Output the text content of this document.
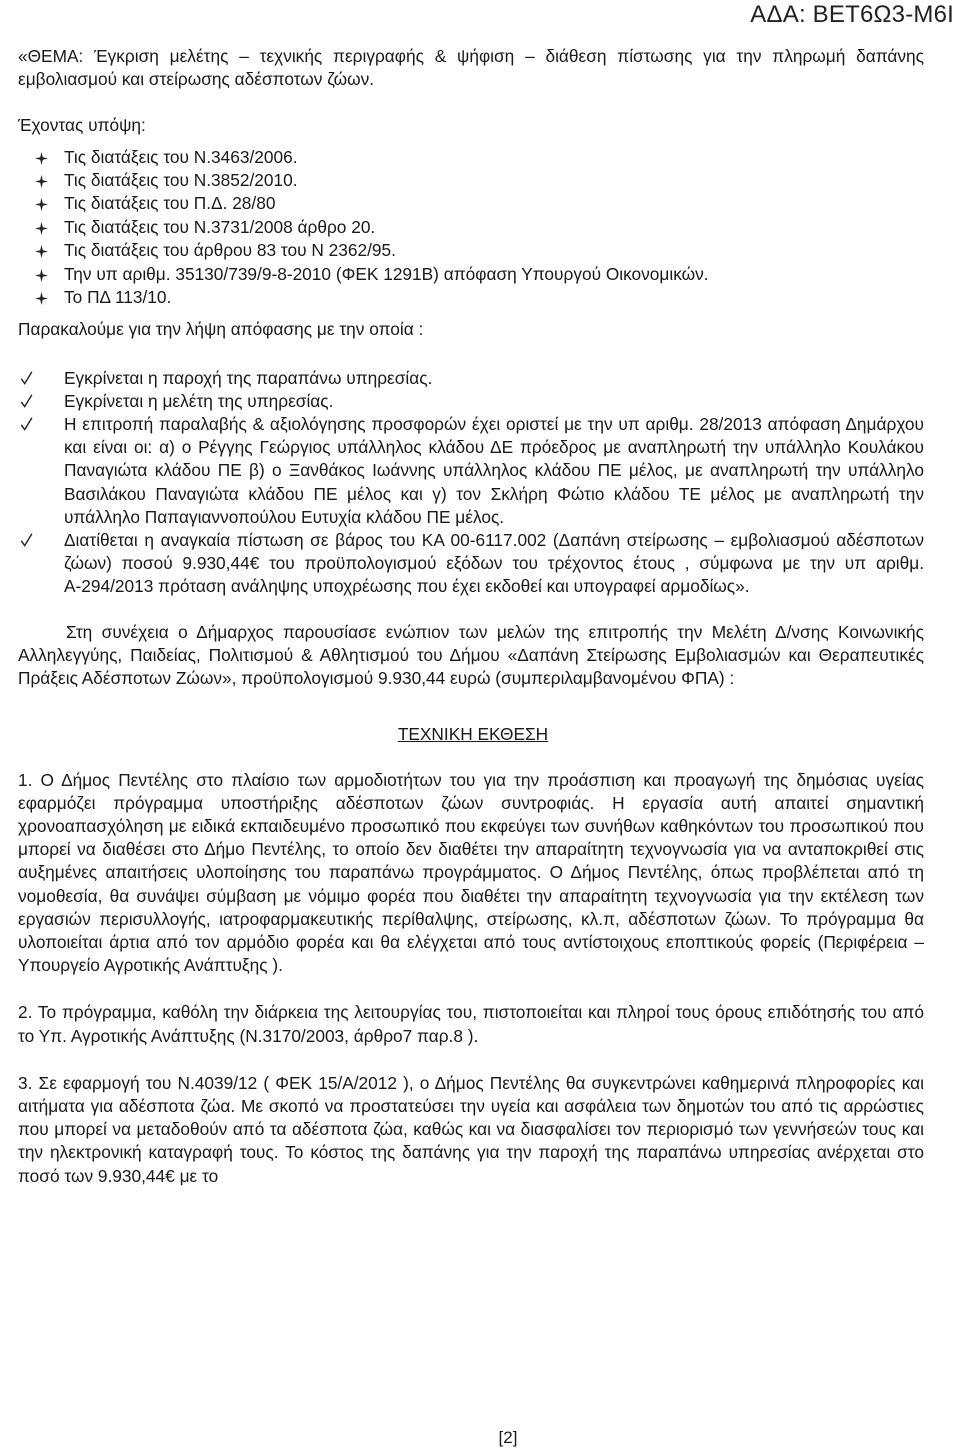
ΑΔΑ: ΒΕΤ6Ω3-Μ6Ι

«ΘΕΜΑ: Έγκριση μελέτης – τεχνικής περιγραφής & ψήφιση – διάθεση πίστωσης για την πληρωμή δαπάνης εμβολιασμού και στείρωσης αδέσποτων ζώων.

Έχοντας υπόψη:

Τις διατάξεις του Ν.3463/2006.
Τις διατάξεις του Ν.3852/2010.
Τις διατάξεις του Π.Δ. 28/80
Τις διατάξεις του Ν.3731/2008 άρθρο 20.
Τις διατάξεις του άρθρου 83 του Ν 2362/95.
Την υπ αριθμ. 35130/739/9-8-2010 (ΦΕΚ 1291Β) απόφαση Υπουργού Οικονομικών.
Το ΠΔ 113/10.

Παρακαλούμε για την λήψη απόφασης με την οποία :

Εγκρίνεται η παροχή της παραπάνω υπηρεσίας.
Εγκρίνεται η μελέτη της υπηρεσίας.
Η επιτροπή παραλαβής & αξιολόγησης προσφορών έχει οριστεί με την υπ αριθμ. 28/2013 απόφαση Δημάρχου και είναι οι: α) ο Ρέγγης Γεώργιος υπάλληλος κλάδου ΔΕ πρόεδρος με αναπληρωτή την υπάλληλο Κουλάκου Παναγιώτα κλάδου ΠΕ β) ο Ξανθάκος Ιωάννης υπάλληλος κλάδου ΠΕ μέλος, με αναπληρωτή την υπάλληλο Βασιλάκου Παναγιώτα κλάδου ΠΕ μέλος και γ) τον Σκλήρη Φώτιο κλάδου ΤΕ μέλος με αναπληρωτή την υπάλληλο Παπαγιαννοπούλου Ευτυχία κλάδου ΠΕ μέλος.
Διατίθεται η αναγκαία πίστωση σε βάρος του ΚΑ 00-6117.002 (Δαπάνη στείρωσης – εμβολιασμού αδέσποτων ζώων) ποσού 9.930,44€ του προϋπολογισμού εξόδων του τρέχοντος έτους , σύμφωνα με την υπ αριθμ. Α-294/2013 πρόταση ανάληψης υποχρέωσης που έχει εκδοθεί και υπογραφεί αρμοδίως».

Στη συνέχεια ο Δήμαρχος παρουσίασε ενώπιον των μελών της επιτροπής την Μελέτη Δ/νσης Κοινωνικής Αλληλεγγύης, Παιδείας, Πολιτισμού & Αθλητισμού του Δήμου «Δαπάνη Στείρωσης Εμβολιασμών και Θεραπευτικές Πράξεις Αδέσποτων Ζώων», προϋπολογισμού 9.930,44 ευρώ (συμπεριλαμβανομένου ΦΠΑ) :

ΤΕΧΝΙΚΗ ΕΚΘΕΣΗ

1. Ο Δήμος Πεντέλης στο πλαίσιο των αρμοδιοτήτων του για την προάσπιση και προαγωγή της δημόσιας υγείας εφαρμόζει πρόγραμμα υποστήριξης αδέσποτων ζώων συντροφιάς. Η εργασία αυτή απαιτεί σημαντική χρονοαπασχόληση με ειδικά εκπαιδευμένο προσωπικό που εκφεύγει των συνήθων καθηκόντων του προσωπικού που μπορεί να διαθέσει στο Δήμο Πεντέλης, το οποίο δεν διαθέτει την απαραίτητη τεχνογνωσία για να ανταποκριθεί στις αυξημένες απαιτήσεις υλοποίησης του παραπάνω προγράμματος. Ο Δήμος Πεντέλης, όπως προβλέπεται από τη νομοθεσία, θα συνάψει σύμβαση με νόμιμο φορέα που διαθέτει την απαραίτητη τεχνογνωσία για την εκτέλεση των εργασιών περισυλλογής, ιατροφαρμακευτικής περίθαλψης, στείρωσης, κλ.π, αδέσποτων ζώων. Το πρόγραμμα θα υλοποιείται άρτια από τον αρμόδιο φορέα και θα ελέγχεται από τους αντίστοιχους εποπτικούς φορείς (Περιφέρεια – Υπουργείο Αγροτικής Ανάπτυξης ).

2. Το πρόγραμμα, καθόλη την διάρκεια της λειτουργίας του, πιστοποιείται και πληροί τους όρους επιδότησής του από το Υπ. Αγροτικής Ανάπτυξης (Ν.3170/2003, άρθρο7 παρ.8 ).

3. Σε εφαρμογή του Ν.4039/12 ( ΦΕΚ 15/Α/2012 ), ο Δήμος Πεντέλης θα συγκεντρώνει καθημερινά πληροφορίες και αιτήματα για αδέσποτα ζώα. Με σκοπό να προστατεύσει την υγεία και ασφάλεια των δημοτών του από τις αρρώστιες που μπορεί να μεταδοθούν από τα αδέσποτα ζώα, καθώς και να διασφαλίσει τον περιορισμό των γεννήσεών τους και την ηλεκτρονική καταγραφή τους. Το κόστος της δαπάνης για την παροχή της παραπάνω υπηρεσίας ανέρχεται στο ποσό των 9.930,44€ με το

[2]
